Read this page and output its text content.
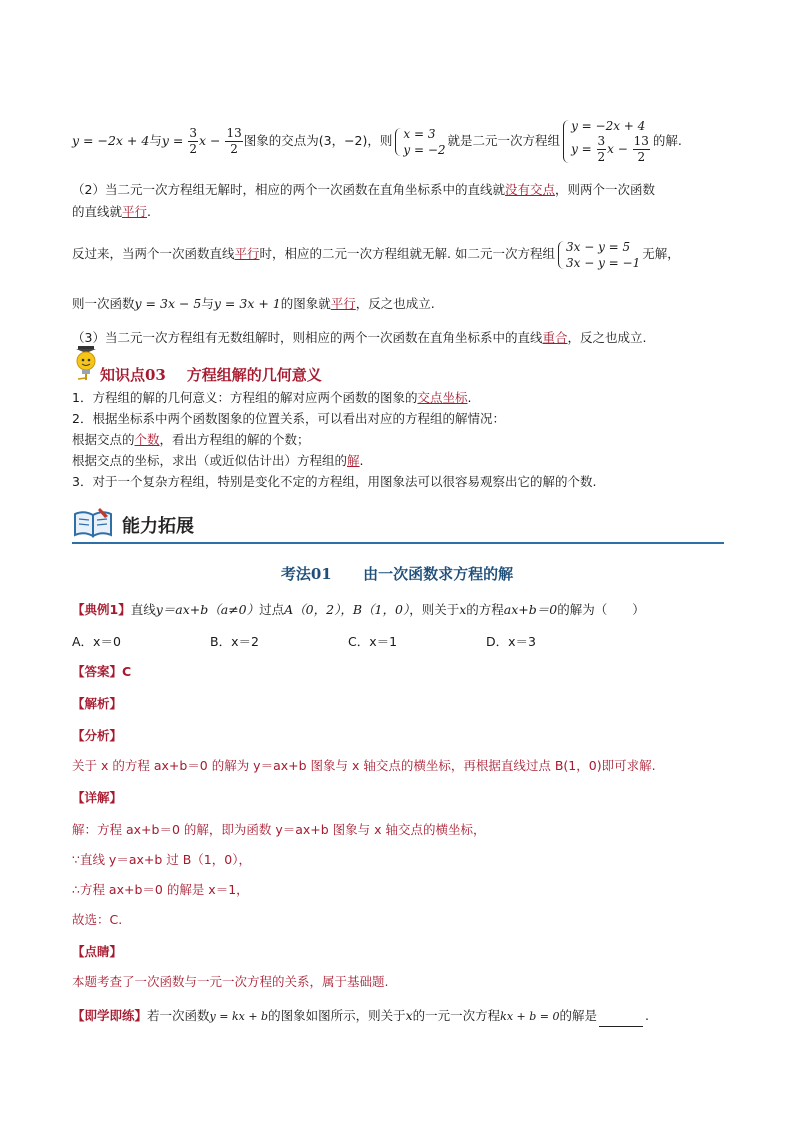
y = −2x + 4与$y = \frac{3}{2}$ $x - \frac{13}{2}$ 图象的交点为(3，−2)，则 x = 3
y = −2
就是二元一次方程组
y = −2x + 4
$y = \frac{3}{2}$ $x - \frac{13}{2}$ 的解.
（2）当二元一次方程组无解时，相应的两个一次函数在直角坐标系中的直线就没有交点，则两个一次函数
的直线就平行.
反过来，当两个一次函数直线平行时，相应的二元一次方程组就无解. 如二元一次方程组 3x − y = 5
3x − y = −1
无解，
则一次函数y = 3x − 5与y = 3x + 1的图象就平行，反之也成立.
（3）当二元一次方程组有无数组解时，则相应的两个一次函数在直角坐标系中的直线重合，反之也成立.
知识点03    方程组解的几何意义
1．方程组的解的几何意义：方程组的解对应两个函数的图象的交点坐标.
2．根据坐标系中两个函数图象的位置关系，可以看出对应的方程组的解情况：
根据交点的个数，看出方程组的解的个数；
根据交点的坐标，求出（或近似估计出）方程组的解.
3．对于一个复杂方程组，特别是变化不定的方程组，用图象法可以很容易观察出它的解的个数.
能力拓展
考法01 由一次函数求方程的解
【典例1】直线y＝ax+b（a≠0）过点A（0，2），B（1，0），则关于x的方程ax+b＝0的解为（　　）
A．x＝0	B．x＝2	C．x＝1	D．x＝3
【答案】C
【解析】
【分析】
关于 x 的方程 ax+b＝0 的解为 y＝ax+b 图象与 x 轴交点的横坐标，再根据直线过点 B(1，0)即可求解.
【详解】
解：方程 ax+b＝0 的解，即为函数 y＝ax+b 图象与 x 轴交点的横坐标，
∵直线 y＝ax+b 过 B（1，0），
∴方程 ax+b＝0 的解是 x＝1，
故选：C.
【点睛】
本题考查了一次函数与一元一次方程的关系，属于基础题.
【即学即练】若一次函数y = kx + b的图象如图所示，则关于x的一元一次方程kx + b = 0的解是	.
